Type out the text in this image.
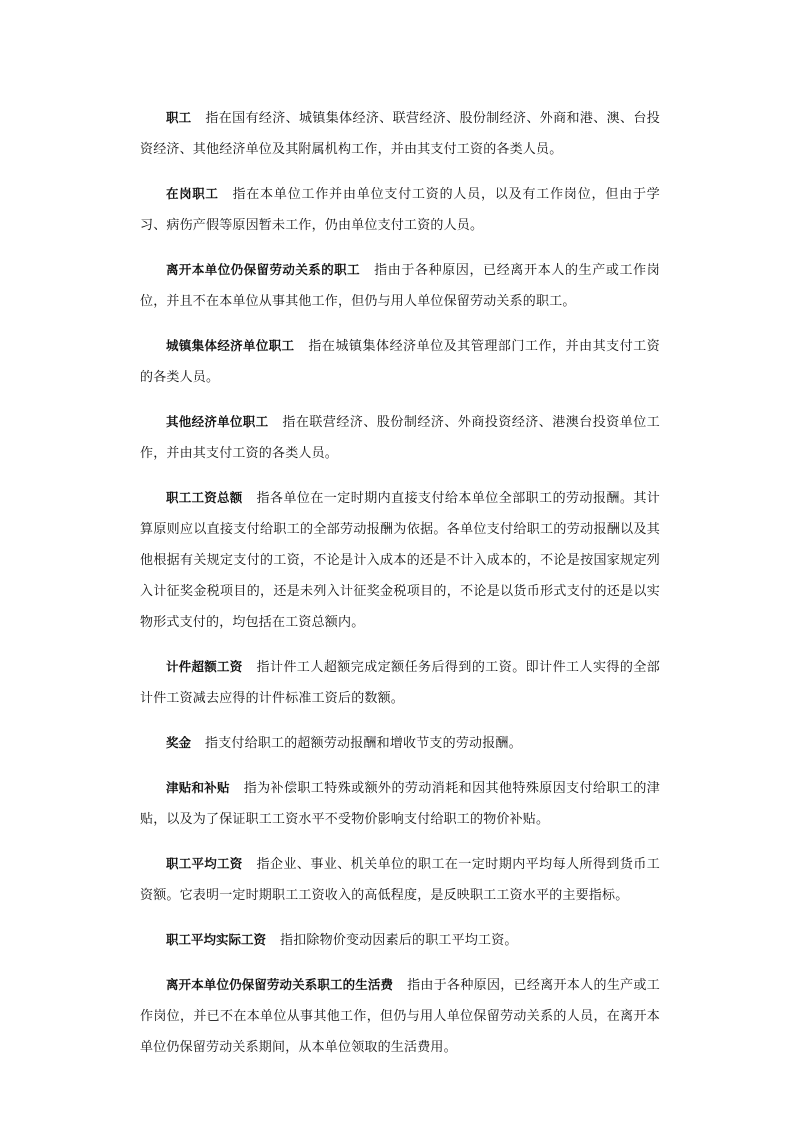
职工 指在国有经济、城镇集体经济、联营经济、股份制经济、外商和港、澳、台投资经济、其他经济单位及其附属机构工作，并由其支付工资的各类人员。

在岗职工 指在本单位工作并由单位支付工资的人员，以及有工作岗位，但由于学习、病伤产假等原因暂未工作，仍由单位支付工资的人员。

离开本单位仍保留劳动关系的职工 指由于各种原因，已经离开本人的生产或工作岗位，并且不在本单位从事其他工作，但仍与用人单位保留劳动关系的职工。

城镇集体经济单位职工 指在城镇集体经济单位及其管理部门工作，并由其支付工资的各类人员。

其他经济单位职工 指在联营经济、股份制经济、外商投资经济、港澳台投资单位工作，并由其支付工资的各类人员。

职工工资总额 指各单位在一定时期内直接支付给本单位全部职工的劳动报酬。其计算原则应以直接支付给职工的全部劳动报酬为依据。各单位支付给职工的劳动报酬以及其他根据有关规定支付的工资，不论是计入成本的还是不计入成本的，不论是按国家规定列入计征奖金税项目的，还是未列入计征奖金税项目的，不论是以货币形式支付的还是以实物形式支付的，均包括在工资总额内。

计件超额工资 指计件工人超额完成定额任务后得到的工资。即计件工人实得的全部计件工资减去应得的计件标准工资后的数额。

奖金 指支付给职工的超额劳动报酬和增收节支的劳动报酬。

津贴和补贴 指为补偿职工特殊或额外的劳动消耗和因其他特殊原因支付给职工的津贴，以及为了保证职工工资水平不受物价影响支付给职工的物价补贴。

职工平均工资 指企业、事业、机关单位的职工在一定时期内平均每人所得到货币工资额。它表明一定时期职工工资收入的高低程度，是反映职工工资水平的主要指标。

职工平均实际工资 指扣除物价变动因素后的职工平均工资。

离开本单位仍保留劳动关系职工的生活费 指由于各种原因，已经离开本人的生产或工作岗位，并已不在本单位从事其他工作，但仍与用人单位保留劳动关系的人员，在离开本单位仍保留劳动关系期间，从本单位领取的生活费用。
